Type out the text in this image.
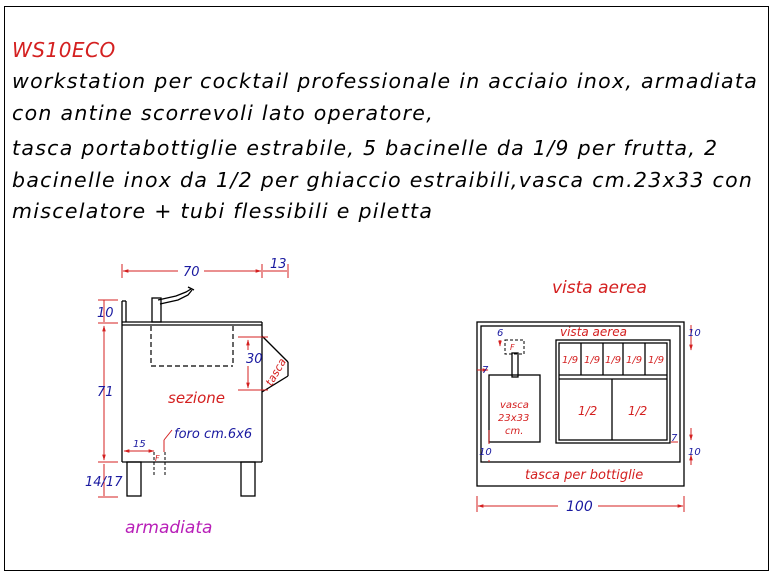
WS10ECO
workstation per cocktail professionale in acciaio inox, armadiata
con antine scorrevoli lato operatore,
tasca portabottiglie estrabile, 5 bacinelle da 1/9 per frutta, 2
bacinelle inox da 1/2 per ghiaccio estraibili,vasca cm.23x33 con
miscelatore + tubi flessibili e piletta
70
13
10
71
14/17
tasca
30
sezione
15
foro cm.6x6
F
armadiata
vista aerea
vista aerea
F
vasca
23x33
cm.
1/9 1/9 1/9 1/9 1/9
1/2	1/2
tasca per bottiglie
6
7
7
10
10	10
100
